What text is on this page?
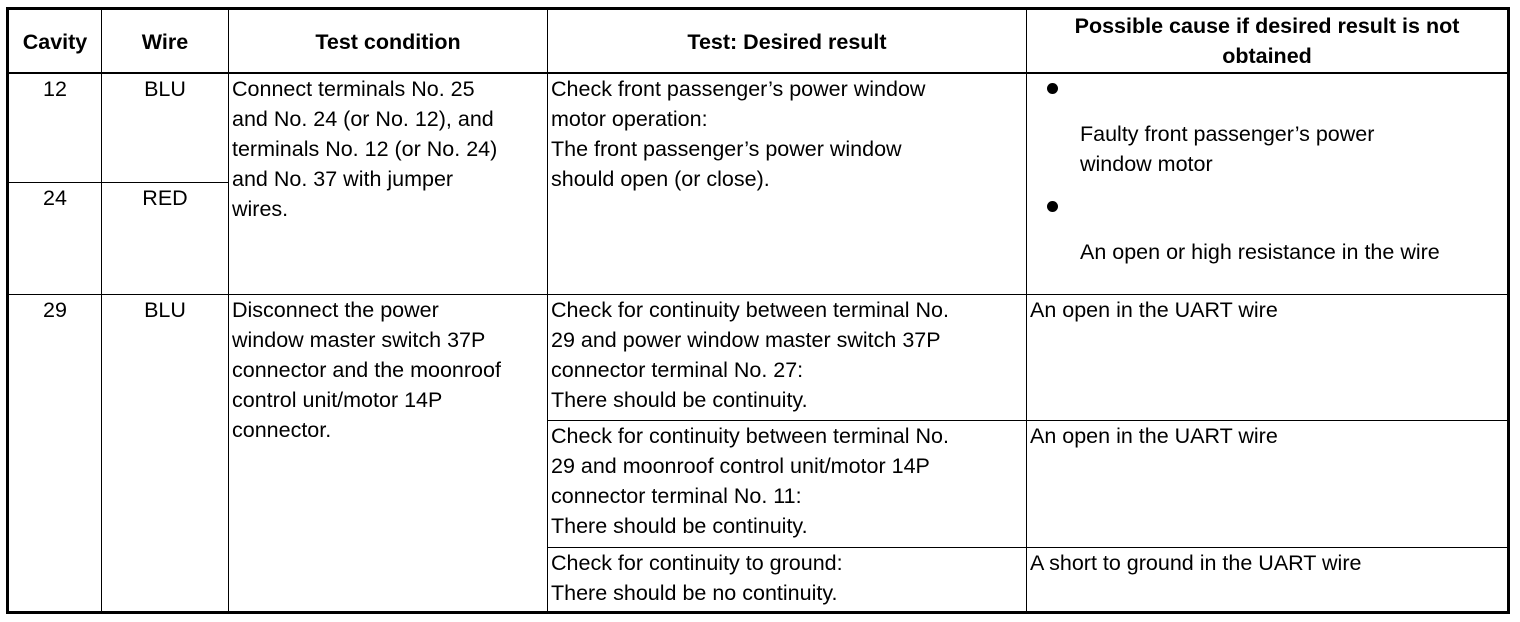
Cavity	Wire	Test condition	Test: Desired result	Possible cause if desired result is not obtained
12	BLU	Connect terminals No. 25
and No. 24 (or No. 12), and
terminals No. 12 (or No. 24)
and No. 37 with jumper
wires.	Check front passenger’s power window
motor operation:
The front passenger’s power window
should open (or close).	Faulty front passenger’s power
window motor
An open or high resistance in the wire

24	RED			
29	BLU	Disconnect the power
window master switch 37P
connector and the moonroof
control unit/motor 14P
connector.	Check for continuity between terminal No.
29 and power window master switch 37P
connector terminal No. 27:
There should be continuity.	An open in the UART wire
			Check for continuity between terminal No.
29 and moonroof control unit/motor 14P
connector terminal No. 11:
There should be continuity.	An open in the UART wire
			Check for continuity to ground:
There should be no continuity.	A short to ground in the UART wire
